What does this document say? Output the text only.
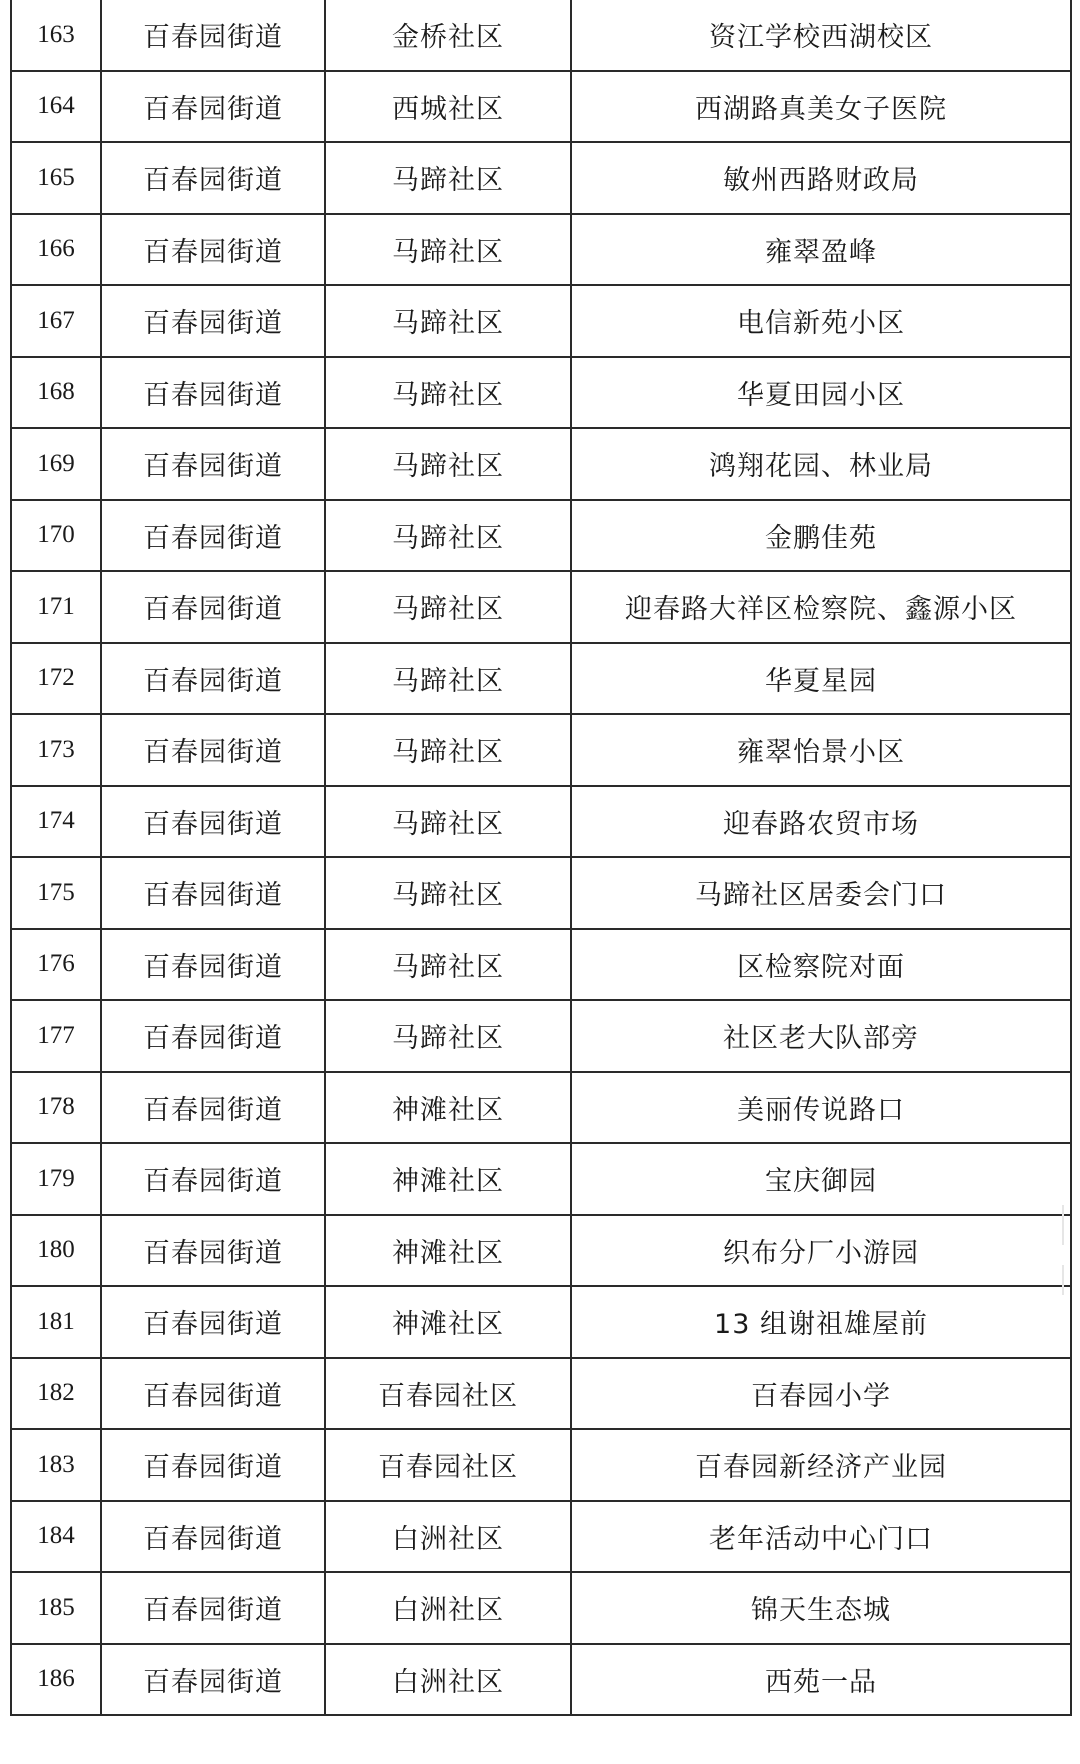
163	百春园街道	金桥社区	资江学校西湖校区
164	百春园街道	西城社区	西湖路真美女子医院
165	百春园街道	马蹄社区	敏州西路财政局
166	百春园街道	马蹄社区	雍翠盈峰
167	百春园街道	马蹄社区	电信新苑小区
168	百春园街道	马蹄社区	华夏田园小区
169	百春园街道	马蹄社区	鸿翔花园、林业局
170	百春园街道	马蹄社区	金鹏佳苑
171	百春园街道	马蹄社区	迎春路大祥区检察院、鑫源小区
172	百春园街道	马蹄社区	华夏星园
173	百春园街道	马蹄社区	雍翠怡景小区
174	百春园街道	马蹄社区	迎春路农贸市场
175	百春园街道	马蹄社区	马蹄社区居委会门口
176	百春园街道	马蹄社区	区检察院对面
177	百春园街道	马蹄社区	社区老大队部旁
178	百春园街道	神滩社区	美丽传说路口
179	百春园街道	神滩社区	宝庆御园
180	百春园街道	神滩社区	织布分厂小游园
181	百春园街道	神滩社区	13 组谢祖雄屋前
182	百春园街道	百春园社区	百春园小学
183	百春园街道	百春园社区	百春园新经济产业园
184	百春园街道	白洲社区	老年活动中心门口
185	百春园街道	白洲社区	锦天生态城
186	百春园街道	白洲社区	西苑一品
